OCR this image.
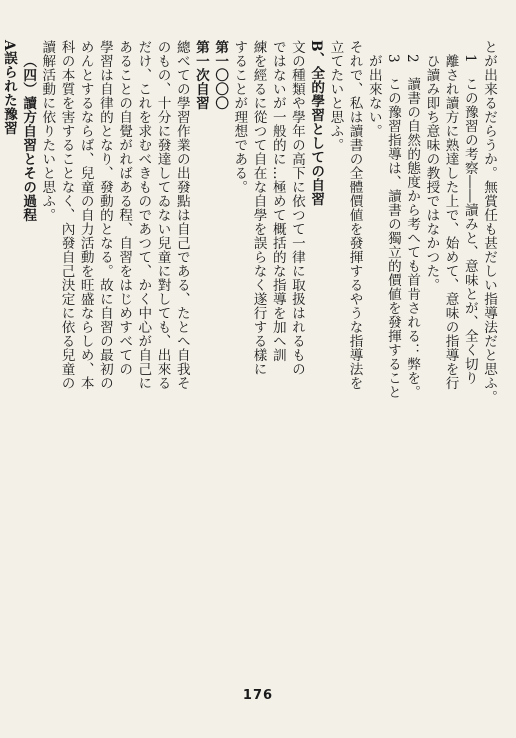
とが出来るだらうか。無賞任も甚だしい指導法だと思ふ。
1　この豫習の考察――讀みと、意味とが、全く切り
離され讀方に熟達した上で、始めて、意味の指導を行
ひ讀み即ち意味の教授ではなかつた。
2　讀書の自然的態度から考へても首肯される：弊を。
3　この豫習指導は、讀書の獨立的價値を發揮すること
が出來ない。
それで、私は讀書の全體價値を發揮するやうな指導法を
立てたいと思ふ。
B、全的學習としての自習
文の種類や學年の高下に依つて一律に取扱はれるもの
ではないが一般的に…極めて概括的な指導を加へ訓
練を經るに從つて自在な自學を誤らなく遂行する樣に
することが理想である。
第一〇〇〇
第一次自習
總べての學習作業の出發點は自己である、たとへ自我そ
のもの、十分に發達してゐない兒童に對しても、出來る
だけ、これを求むべきものであつて、かく中心が自己に
あることの自覺がればある程、自習をはじめすべての
學習は自律的となり、發動的となる。故に自習の最初の
めんとするならば、兒童の自力活動を旺盛ならしめ、本
科の本質を害することなく、內發自己決定に依る兒童の
讀解活動に依りたいと思ふ。
（四）讀方自習とその過程
A誤られた豫習
176
